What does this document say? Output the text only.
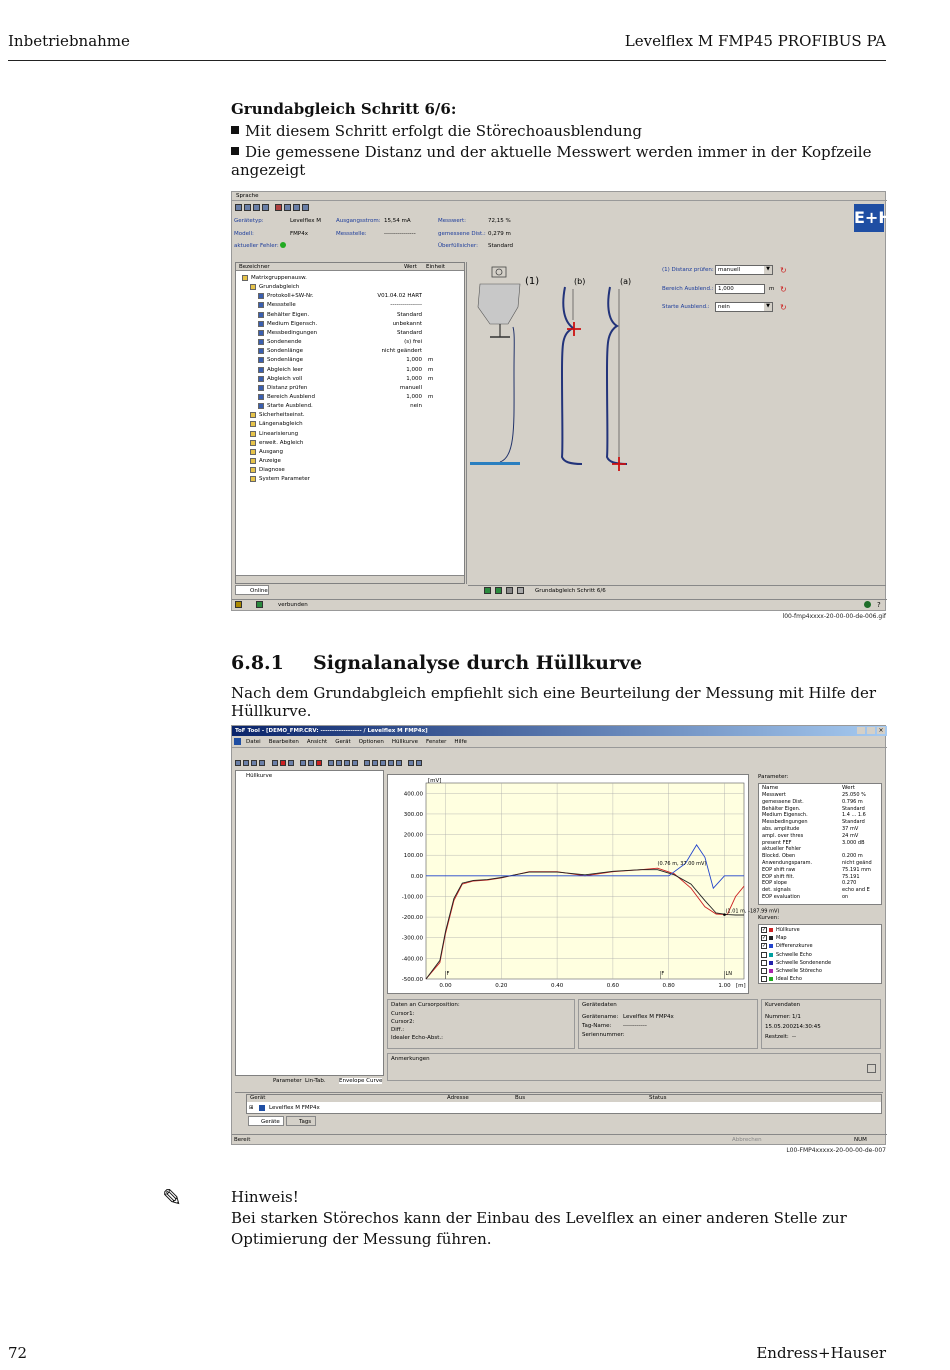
Inbetriebnahme	Levelflex M FMP45 PROFIBUS PA
Grundabgleich Schritt 6/6:
Mit diesem Schritt erfolgt die Störechoausblendung
Die gemessene Distanz und der aktuelle Messwert werden immer in der Kopfzeile angezeigt
Sprache
E+H
Gerätetyp:	Levelflex M	Ausgangsstrom: 15,54 mA	Messwert:	72,15 %
Modell:	FMP4x	Messstelle:	----------------	gemessene Dist.: 0,279 m
aktueller Fehler:	Überfüllsicher: Standard
Bezeichner	Wert Einheit
Matrixgruppenausw.
Grundabgleich
Protokoll+SW-Nr.	V01.04.02 HART
Messstelle	----------------
Behälter Eigen.	Standard
Medium Eigensch.	unbekannt
Messbedingungen	Standard
Sondenende	(s) frei
Sondenlänge	nicht geändert
Sondenlänge	1,000 m
Abgleich leer	1,000 m
Abgleich voll	1,000 m
Distanz prüfen	manuell
Bereich Ausblend	1,000 m
Starte Ausblend.	nein
Sicherheitseinst.
Längenabgleich
Linearisierung
erweit. Abgleich
Ausgang
Anzeige
Diagnose
System Parameter
(1)	(b)	(a)
(1) Distanz prüfen: manuell	▼ ↻
Bereich Ausblend.: 1,000	m ↻
Starte Ausblend.: nein	▼ ↻
Online	Grundabgleich Schritt 6/6
verbunden	?
l00-fmp4xxxx-20-00-00-de-006.gif
6.8.1 Signalanalyse durch Hüllkurve
Nach dem Grundabgleich empfiehlt sich eine Beurteilung der Messung mit Hilfe der Hüllkurve.
ToF Tool - [DEMO_FMP.CRV: ------------------ / Levelflex M FMP4x]	×
Datei Bearbeiten Ansicht Gerät Optionen Hüllkurve Fenster Hilfe
Hüllkurve
Parameter Lin-Tab. Envelope Curve
400.00
300.00
200.00
100.00
0.00
-100.00
-200.00
-300.00
-400.00
-500.00
0.00	0.20	0.40	0.60	0.80	1.00
[mV]
[m]
F	F	LN
(0.76 m, 37.00 mV)
(1.01 m, -187.99 mV)
Parameter:
Name	Wert
Messwert	25.050 %
gemessene Dist.	0.796 m
Behälter Eigen.	Standard
Medium Eigensch.	1.4 ... 1.6
Messbedingungen	Standard
abs. amplitude	37 mV
ampl. over thres	24 mV
present FEF	3.000 dB
aktueller Fehler
Blockd. Oben	0.200 m
Anwendungsparam.	nicht geänd
EOP shift raw	75.191 mm
EOP shift filt.	75.191
EOP slope	0.270
det. signals	echo and E
EOP evaluation	on
Kurven:
✓ Hüllkurve
✓ Map
✓ Differenzkurve
Schwelle Echo
Schwelle Sondenende
Schwelle Störecho
Ideal Echo
Daten an Cursorposition:
Cursor1:
Cursor2:
Diff.:
Idealer Echo-Abst.:
Gerätedaten
Gerätename: Levelflex M FMP4x
Tag-Name: ------------
Seriennummer:
Kurvendaten
Nummer: 1/1
15.05.2002 14:30:45
Restzeit: --
Anmerkungen
Gerät	Adresse	Bus	Status
⊞	Levelflex M FMP4x
Geräte	Tags
Bereit	Abbrechen	NUM
L00-FMP4xxxxx-20-00-00-de-007
✎	Hinweis!
Bei starken Störechos kann der Einbau des Levelflex an einer anderen Stelle zur Optimierung der Messung führen.
72	Endress+Hauser
